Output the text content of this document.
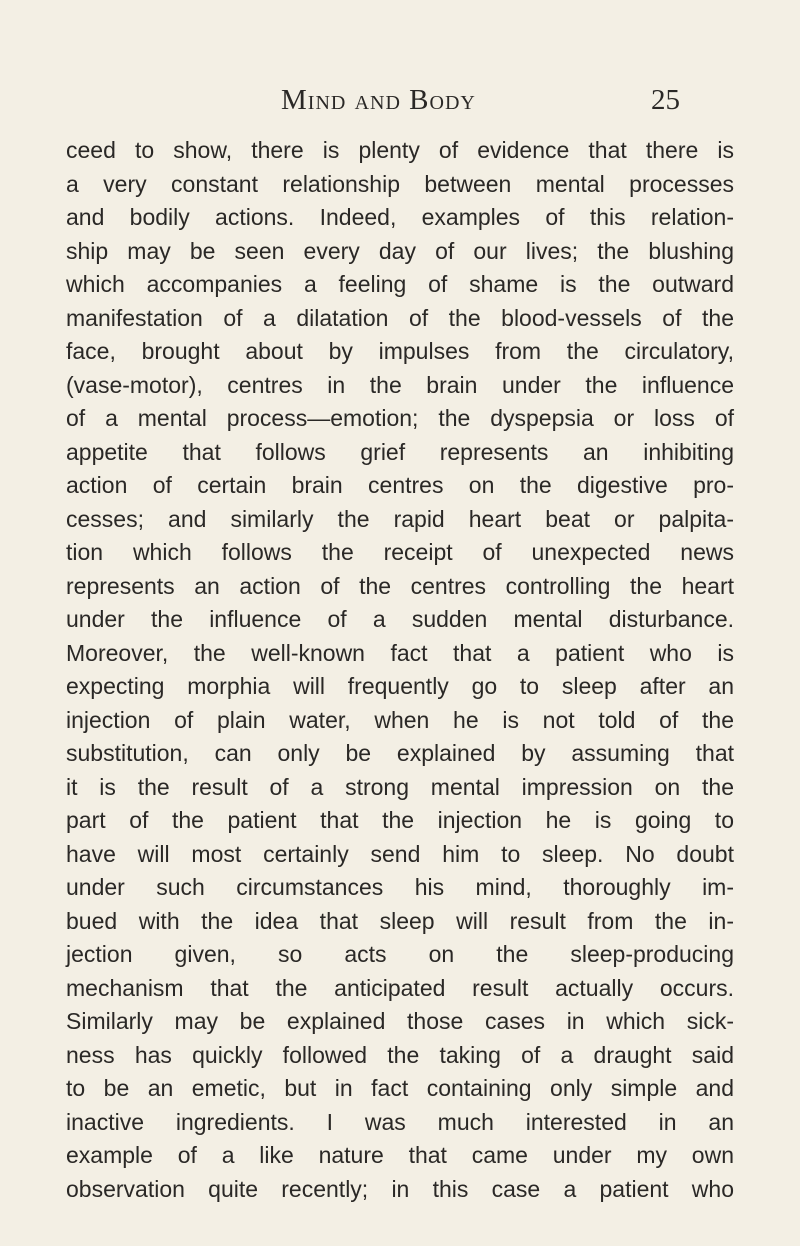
Mind and Body	25
ceed to show, there is plenty of evidence that there is
a very constant relationship between mental processes
and bodily actions. Indeed, examples of this relation-
ship may be seen every day of our lives; the blushing
which accompanies a feeling of shame is the outward
manifestation of a dilatation of the blood-vessels of the
face, brought about by impulses from the circulatory,
(vase-motor), centres in the brain under the influence
of a mental process—emotion; the dyspepsia or loss of
appetite that follows grief represents an inhibiting
action of certain brain centres on the digestive pro-
cesses; and similarly the rapid heart beat or palpita-
tion which follows the receipt of unexpected news
represents an action of the centres controlling the heart
under the influence of a sudden mental disturbance.
Moreover, the well-known fact that a patient who is
expecting morphia will frequently go to sleep after an
injection of plain water, when he is not told of the
substitution, can only be explained by assuming that
it is the result of a strong mental impression on the
part of the patient that the injection he is going to
have will most certainly send him to sleep. No doubt
under such circumstances his mind, thoroughly im-
bued with the idea that sleep will result from the in-
jection given, so acts on the sleep-producing
mechanism that the anticipated result actually occurs.
Similarly may be explained those cases in which sick-
ness has quickly followed the taking of a draught said
to be an emetic, but in fact containing only simple and
inactive ingredients. I was much interested in an
example of a like nature that came under my own
observation quite recently; in this case a patient who
